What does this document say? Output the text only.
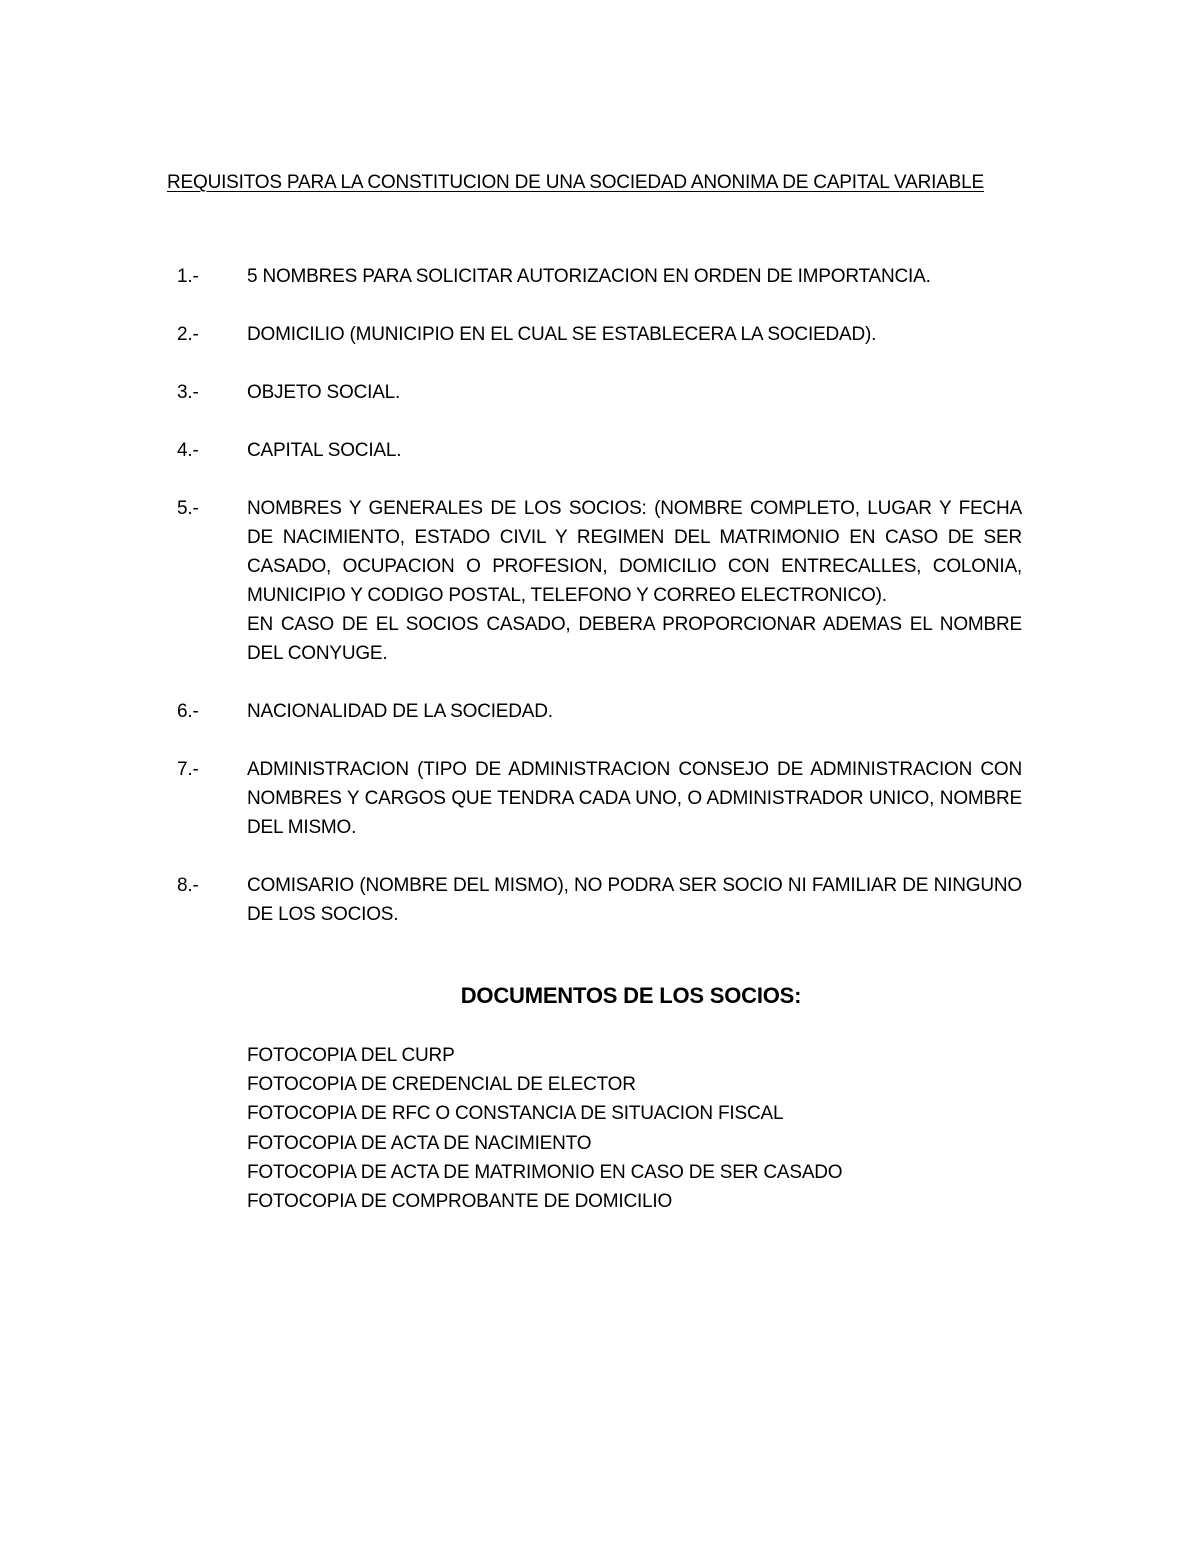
REQUISITOS PARA LA CONSTITUCION DE UNA SOCIEDAD ANONIMA DE CAPITAL VARIABLE
1.-	5 NOMBRES PARA SOLICITAR AUTORIZACION EN ORDEN DE IMPORTANCIA.
2.-	DOMICILIO (MUNICIPIO EN EL CUAL SE ESTABLECERA LA SOCIEDAD).
3.-	OBJETO SOCIAL.
4.-	CAPITAL SOCIAL.
5.-	NOMBRES Y GENERALES DE LOS SOCIOS: (NOMBRE COMPLETO, LUGAR Y FECHA DE NACIMIENTO, ESTADO CIVIL Y REGIMEN DEL MATRIMONIO EN CASO DE SER CASADO, OCUPACION O PROFESION, DOMICILIO CON ENTRECALLES, COLONIA, MUNICIPIO Y CODIGO POSTAL, TELEFONO Y CORREO ELECTRONICO).
EN CASO DE EL SOCIOS CASADO, DEBERA PROPORCIONAR ADEMAS EL NOMBRE DEL CONYUGE.
6.-	NACIONALIDAD DE LA SOCIEDAD.
7.-	ADMINISTRACION (TIPO DE ADMINISTRACION CONSEJO DE ADMINISTRACION CON NOMBRES Y CARGOS QUE TENDRA CADA UNO, O ADMINISTRADOR UNICO, NOMBRE DEL MISMO.
8.-	COMISARIO (NOMBRE DEL MISMO), NO PODRA SER SOCIO NI FAMILIAR DE NINGUNO DE LOS SOCIOS.
DOCUMENTOS DE LOS SOCIOS:
FOTOCOPIA DEL CURP
FOTOCOPIA DE CREDENCIAL DE ELECTOR
FOTOCOPIA DE RFC O CONSTANCIA DE SITUACION FISCAL
FOTOCOPIA DE ACTA DE NACIMIENTO
FOTOCOPIA DE ACTA DE MATRIMONIO EN CASO DE SER CASADO
FOTOCOPIA DE COMPROBANTE DE DOMICILIO
